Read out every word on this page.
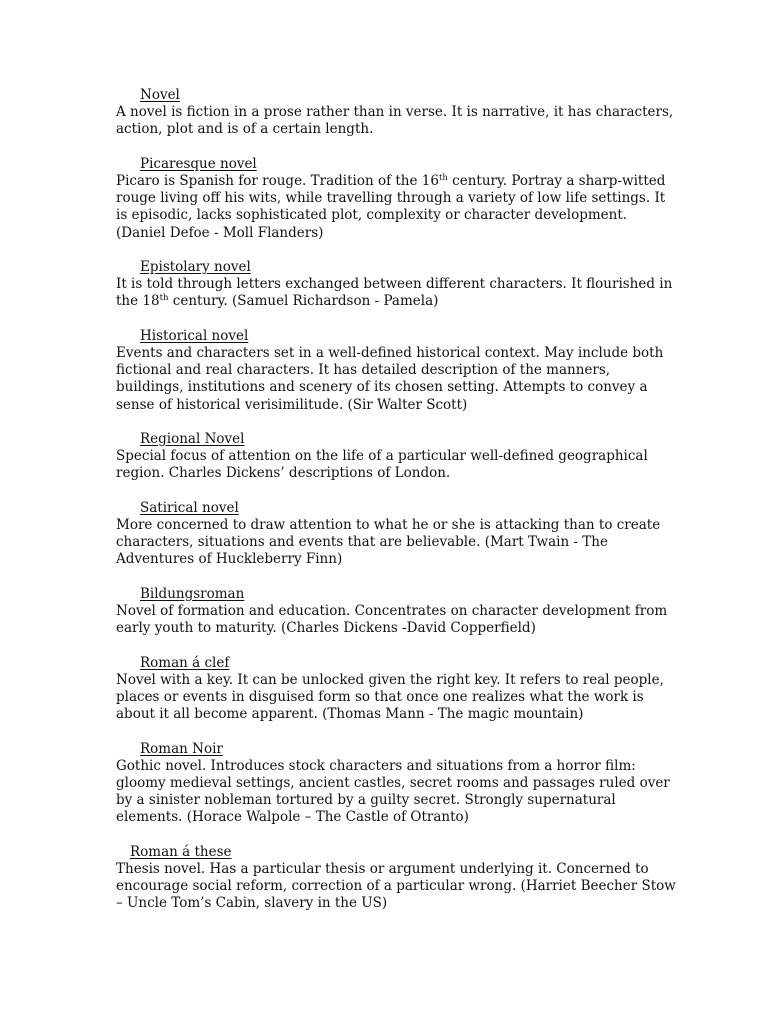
Novel
A novel is fiction in a prose rather than in verse. It is narrative, it has characters,
action, plot and is of a certain length.
Picaresque novel
Picaro is Spanish for rouge. Tradition of the 16th century. Portray a sharp-witted
rouge living off his wits, while travelling through a variety of low life settings. It
is episodic, lacks sophisticated plot, complexity or character development.
(Daniel Defoe - Moll Flanders)
Epistolary novel
It is told through letters exchanged between different characters. It flourished in
the 18th century. (Samuel Richardson - Pamela)
Historical novel
Events and characters set in a well-defined historical context. May include both
fictional and real characters. It has detailed description of the manners,
buildings, institutions and scenery of its chosen setting. Attempts to convey a
sense of historical verisimilitude. (Sir Walter Scott)
Regional Novel
Special focus of attention on the life of a particular well-defined geographical
region. Charles Dickens’ descriptions of London.
Satirical novel
More concerned to draw attention to what he or she is attacking than to create
characters, situations and events that are believable. (Mart Twain - The
Adventures of Huckleberry Finn)
Bildungsroman
Novel of formation and education. Concentrates on character development from
early youth to maturity. (Charles Dickens -David Copperfield)
Roman á clef
Novel with a key. It can be unlocked given the right key. It refers to real people,
places or events in disguised form so that once one realizes what the work is
about it all become apparent. (Thomas Mann - The magic mountain)
Roman Noir
Gothic novel. Introduces stock characters and situations from a horror film:
gloomy medieval settings, ancient castles, secret rooms and passages ruled over
by a sinister nobleman tortured by a guilty secret. Strongly supernatural
elements. (Horace Walpole – The Castle of Otranto)
Roman á these
Thesis novel. Has a particular thesis or argument underlying it. Concerned to
encourage social reform, correction of a particular wrong. (Harriet Beecher Stow
– Uncle Tom’s Cabin, slavery in the US)
